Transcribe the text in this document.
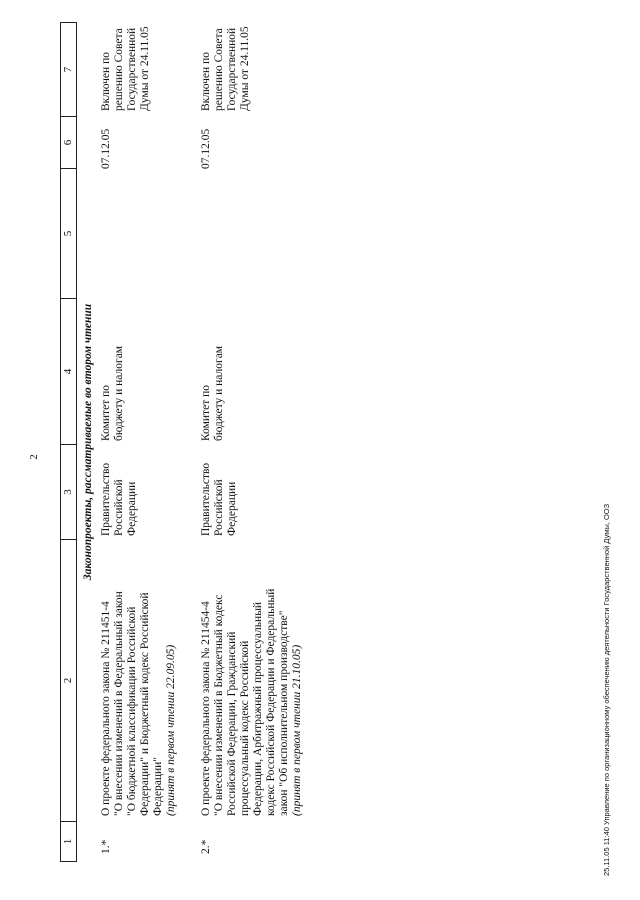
2
1
2
3
4
5
6
7
Законопроекты, рассматриваемые во втором чтении
1.*
О проекте федерального закона № 211451-4 "О внесении изменений в Федеральный закон "О бюджетной классификации Российской Федерации" и Бюджетный кодекс Российской Федерации" (принят в первом чтении 22.09.05)
Правительство Российской Федерации
Комитет по бюджету и налогам
07.12.05
Включен по решению Совета Государственной Думы от 24.11.05
2.*
О проекте федерального закона № 211454-4 "О внесении изменений в Бюджетный кодекс Российской Федерации, Гражданский процессуальный кодекс Российской Федерации, Арбитражный процессуальный кодекс Российской Федерации и Федеральный закон "Об исполнительном производстве" (принят в первом чтении 21.10.05)
Правительство Российской Федерации
Комитет по бюджету и налогам
07.12.05
Включен по решению Совета Государственной Думы от 24.11.05
25.11.05 11:40 Управление по организационному обеспечению деятельности Государственной Думы, ООЗ
